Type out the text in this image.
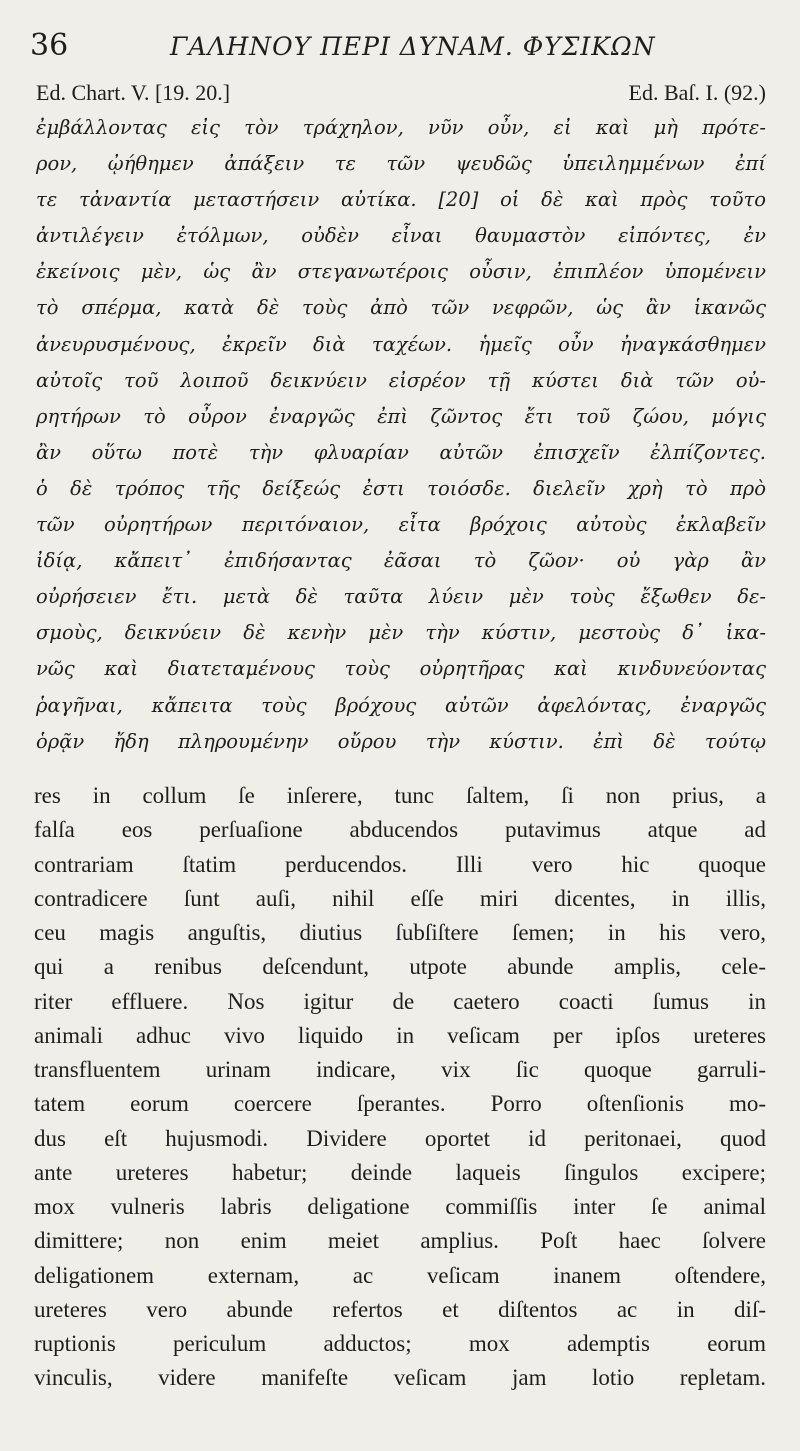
36	ΓΑΛΗΝΟΥ ΠΕΡΙ ΔΥΝΑΜ. ΦΥΣΙΚΩΝ
Ed. Chart. V. [19. 20.]	Ed. Baſ. I. (92.)
ἐμβάλλοντας εἰς τὸν τράχηλον, νῦν οὖν, εἰ καὶ μὴ πρότε-
ρον, ᾠήθημεν ἀπάξειν τε τῶν ψευδῶς ὑπειλημμένων ἐπί
τε τἀναντία μεταστήσειν αὐτίκα. [20] οἱ δὲ καὶ πρὸς τοῦτο
ἀντιλέγειν ἐτόλμων, οὐδὲν εἶναι θαυμαστὸν εἰπόντες, ἐν
ἐκείνοις μὲν, ὡς ἂν στεγανωτέροις οὖσιν, ἐπιπλέον ὑπομένειν
τὸ σπέρμα, κατὰ δὲ τοὺς ἀπὸ τῶν νεφρῶν, ὡς ἂν ἱκανῶς
ἀνευρυσμένους, ἐκρεῖν διὰ ταχέων. ἡμεῖς οὖν ἠναγκάσθημεν
αὐτοῖς τοῦ λοιποῦ δεικνύειν εἰσρέον τῇ κύστει διὰ τῶν οὐ-
ρητήρων τὸ οὖρον ἐναργῶς ἐπὶ ζῶντος ἔτι τοῦ ζώου, μόγις
ἂν οὕτω ποτὲ τὴν φλυαρίαν αὐτῶν ἐπισχεῖν ἐλπίζοντες.
ὁ δὲ τρόπος τῆς δείξεώς ἐστι τοιόσδε. διελεῖν χρὴ τὸ πρὸ
τῶν οὐρητήρων περιτόναιον, εἶτα βρόχοις αὐτοὺς ἐκλαβεῖν
ἰδίᾳ, κἄπειτ᾽ ἐπιδήσαντας ἐᾶσαι τὸ ζῶον· οὐ γὰρ ἂν
οὐρήσειεν ἔτι. μετὰ δὲ ταῦτα λύειν μὲν τοὺς ἔξωθεν δε-
σμοὺς, δεικνύειν δὲ κενὴν μὲν τὴν κύστιν, μεστοὺς δ᾽ ἱκα-
νῶς καὶ διατεταμένους τοὺς οὐρητῆρας καὶ κινδυνεύοντας
ῥαγῆναι, κἄπειτα τοὺς βρόχους αὐτῶν ἀφελόντας, ἐναργῶς
ὁρᾷν ἤδη πληρουμένην οὔρου τὴν κύστιν. ἐπὶ δὲ τούτῳ
res in collum ſe inſerere, tunc ſaltem, ſi non prius, a
falſa eos perſuaſione abducendos putavimus atque ad
contrariam ſtatim perducendos. Illi vero hic quoque
contradicere ſunt auſi, nihil eſſe miri dicentes, in illis,
ceu magis anguſtis, diutius ſubſiſtere ſemen; in his vero,
qui a renibus deſcendunt, utpote abunde amplis, cele-
riter effluere. Nos igitur de caetero coacti ſumus in
animali adhuc vivo liquido in veſicam per ipſos ureteres
transfluentem urinam indicare, vix ſic quoque garruli-
tatem eorum coercere ſperantes. Porro oſtenſionis mo-
dus eſt hujusmodi. Dividere oportet id peritonaei, quod
ante ureteres habetur; deinde laqueis ſingulos excipere;
mox vulneris labris deligatione commiſſis inter ſe animal
dimittere; non enim meiet amplius. Poſt haec ſolvere
deligationem externam, ac veſicam inanem oſtendere,
ureteres vero abunde refertos et diſtentos ac in diſ-
ruptionis periculum adductos; mox ademptis eorum
vinculis, videre manifeſte veſicam jam lotio repletam.
